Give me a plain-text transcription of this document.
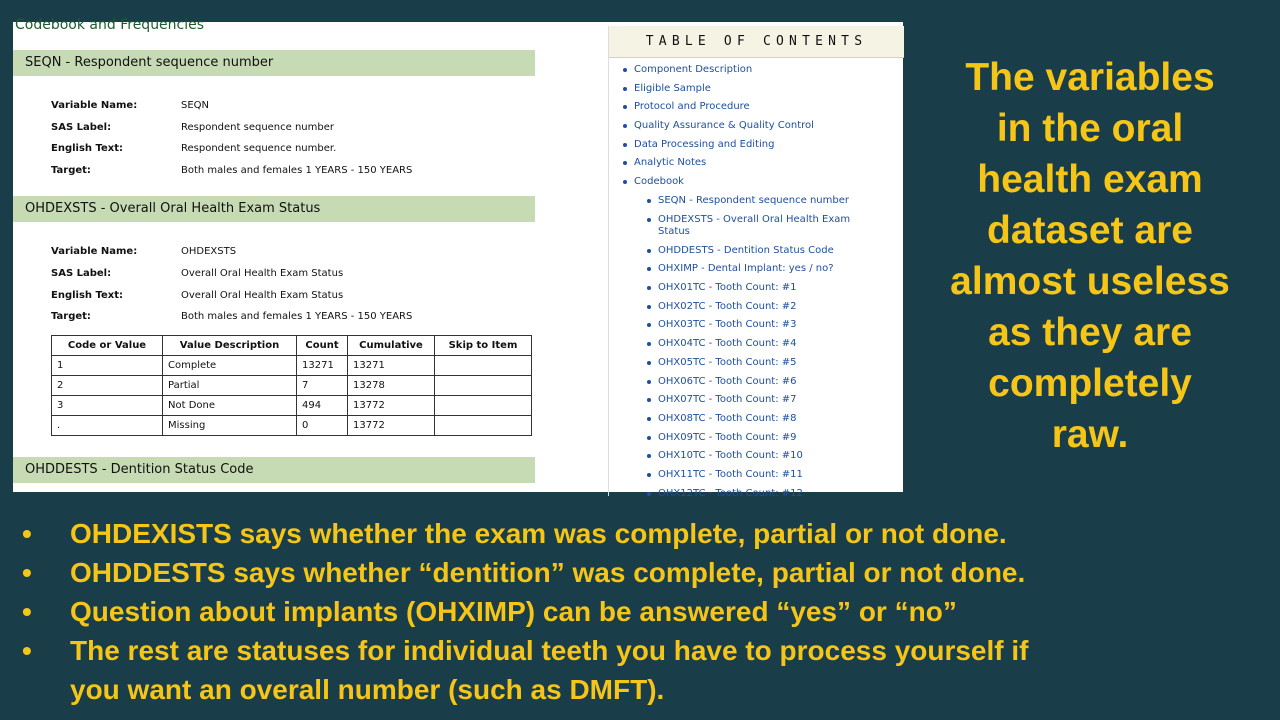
Codebook and Frequencies
SEQN - Respondent sequence number
Variable Name:	SEQN
SAS Label:	Respondent sequence number
English Text:	Respondent sequence number.
Target:	Both males and females 1 YEARS - 150 YEARS
OHDEXSTS - Overall Oral Health Exam Status
Variable Name:	OHDEXSTS
SAS Label:	Overall Oral Health Exam Status
English Text:	Overall Oral Health Exam Status
Target:	Both males and females 1 YEARS - 150 YEARS
Code or Value	Value Description	Count	Cumulative	Skip to Item
1	Complete	13271	13271	
2	Partial	7	13278	
3	Not Done	494	13772	
.	Missing	0	13772	
OHDDESTS - Dentition Status Code
TABLE OF CONTENTS
Component Description
Eligible Sample
Protocol and Procedure
Quality Assurance & Quality Control
Data Processing and Editing
Analytic Notes
Codebook
SEQN - Respondent sequence number
OHDEXSTS - Overall Oral Health Exam
Status
OHDDESTS - Dentition Status Code
OHXIMP - Dental Implant: yes / no?
OHX01TC - Tooth Count: #1
OHX02TC - Tooth Count: #2
OHX03TC - Tooth Count: #3
OHX04TC - Tooth Count: #4
OHX05TC - Tooth Count: #5
OHX06TC - Tooth Count: #6
OHX07TC - Tooth Count: #7
OHX08TC - Tooth Count: #8
OHX09TC - Tooth Count: #9
OHX10TC - Tooth Count: #10
OHX11TC - Tooth Count: #11
OHX12TC - Tooth Count: #12
The variables
in the oral
health exam
dataset are
almost useless
as they are
completely
raw.
• OHDEXISTS says whether the exam was complete, partial or not done.
• OHDDESTS says whether “dentition” was complete, partial or not done.
• Question about implants (OHXIMP) can be answered “yes” or “no”
• The rest are statuses for individual teeth you have to process yourself if
you want an overall number (such as DMFT).
